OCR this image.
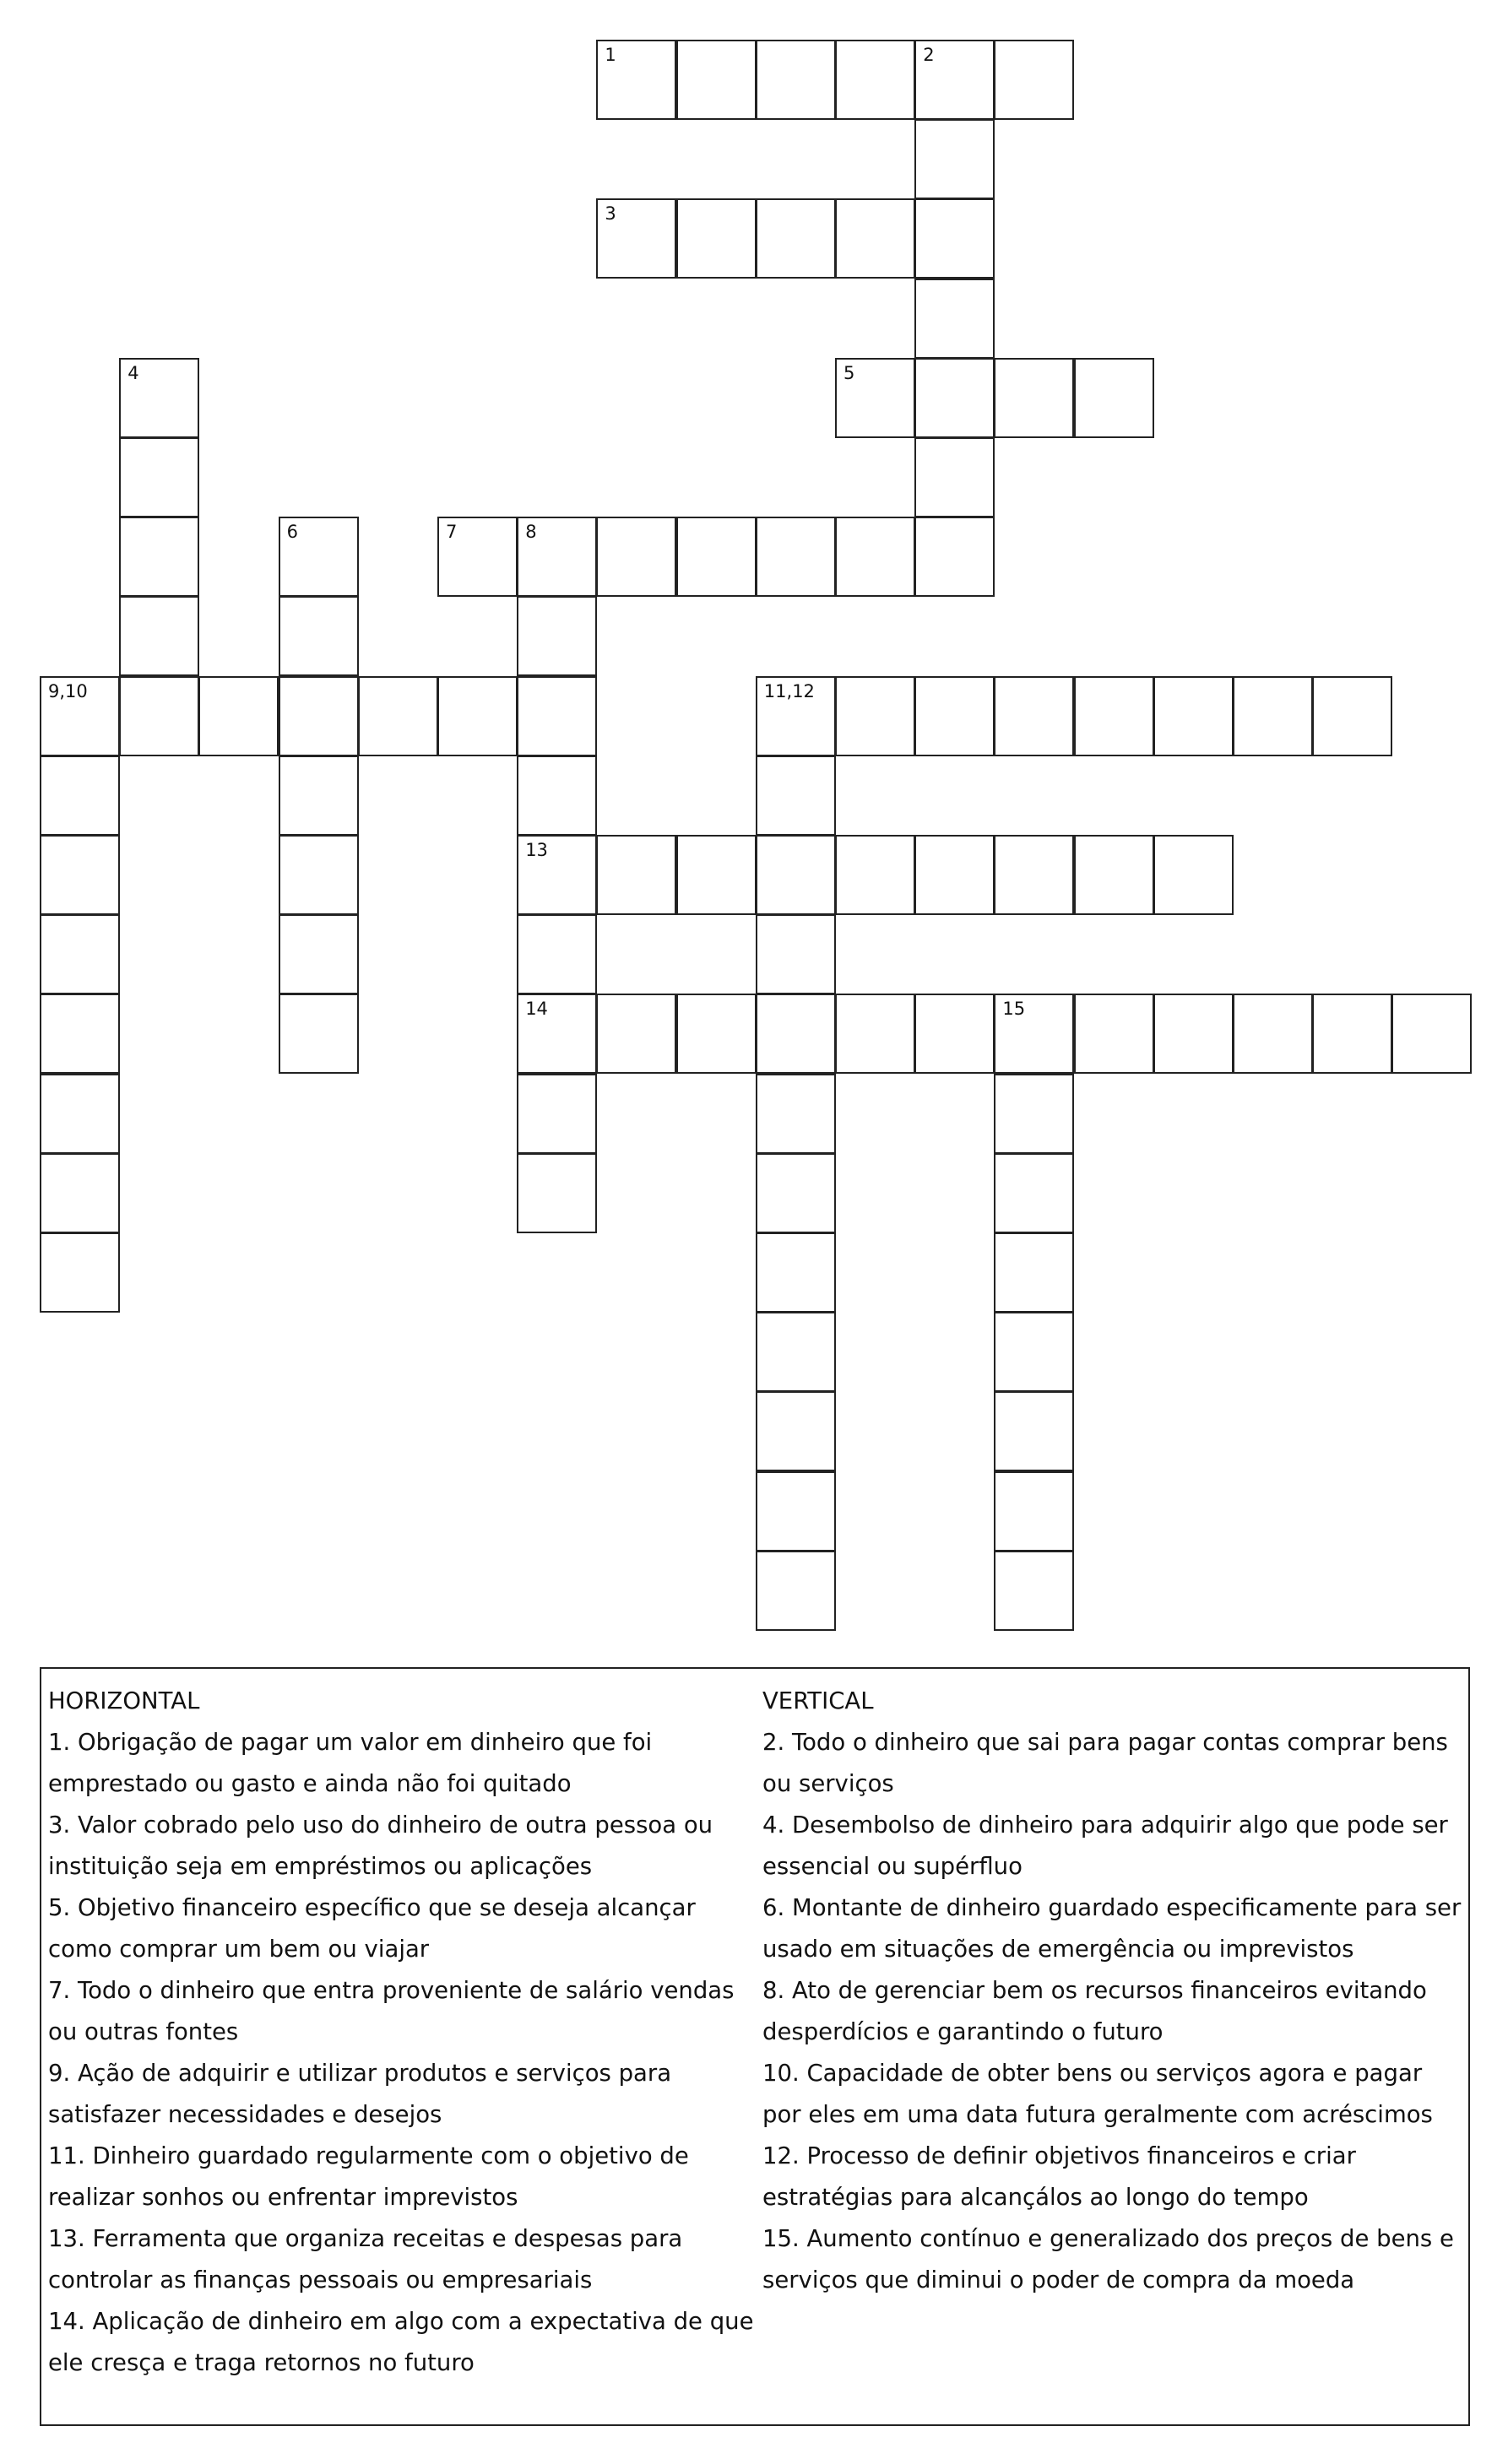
1	2
3
4	5
6	7	8
13
14
9,10	11,12
15

HORIZONTAL

1. Obrigação de pagar um valor em dinheiro que foi emprestado ou gasto e ainda não foi quitado

3. Valor cobrado pelo uso do dinheiro de outra pessoa ou instituição seja em empréstimos ou aplicações

5. Objetivo financeiro específico que se deseja alcançar como comprar um bem ou viajar

7. Todo o dinheiro que entra proveniente de salário vendas ou outras fontes

9. Ação de adquirir e utilizar produtos e serviços para satisfazer necessidades e desejos

11. Dinheiro guardado regularmente com o objetivo de realizar sonhos ou enfrentar imprevistos

13. Ferramenta que organiza receitas e despesas para controlar as finanças pessoais ou empresariais

14. Aplicação de dinheiro em algo com a expectativa de que ele cresça e traga retornos no futuro

VERTICAL

2. Todo o dinheiro que sai para pagar contas comprar bens ou serviços

4. Desembolso de dinheiro para adquirir algo que pode ser essencial ou supérfluo

6. Montante de dinheiro guardado especificamente para ser usado em situações de emergência ou imprevistos

8. Ato de gerenciar bem os recursos financeiros evitando desperdícios e garantindo o futuro

10. Capacidade de obter bens ou serviços agora e pagar por eles em uma data futura geralmente com acréscimos

12. Processo de definir objetivos financeiros e criar estratégias para alcançálos ao longo do tempo

15. Aumento contínuo e generalizado dos preços de bens e serviços que diminui o poder de compra da moeda
